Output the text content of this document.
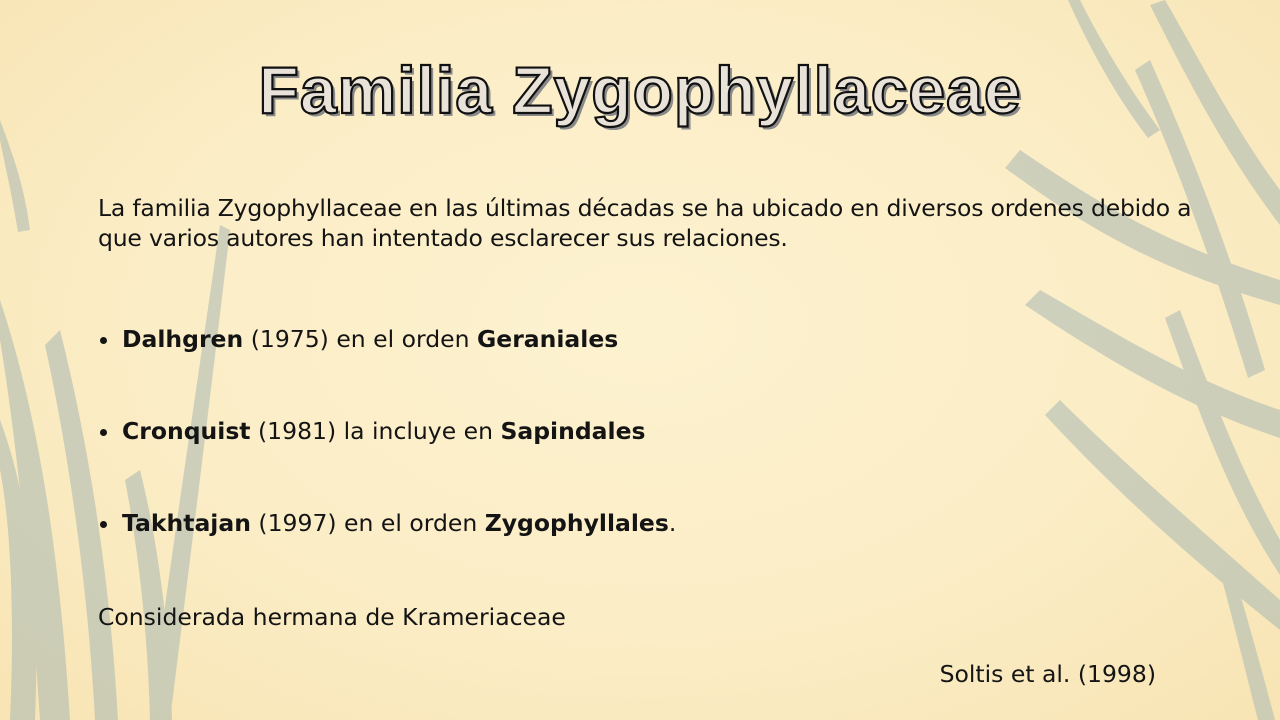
Familia Zygophyllaceae

La familia Zygophyllaceae en las últimas décadas se ha ubicado en diversos ordenes debido a que varios autores han intentado esclarecer sus relaciones.

Dalhgren (1975) en el orden Geraniales
Cronquist (1981) la incluye en Sapindales
Takhtajan (1997) en el orden Zygophyllales.
Considerada hermana de Krameriaceae
Soltis et al. (1998)
